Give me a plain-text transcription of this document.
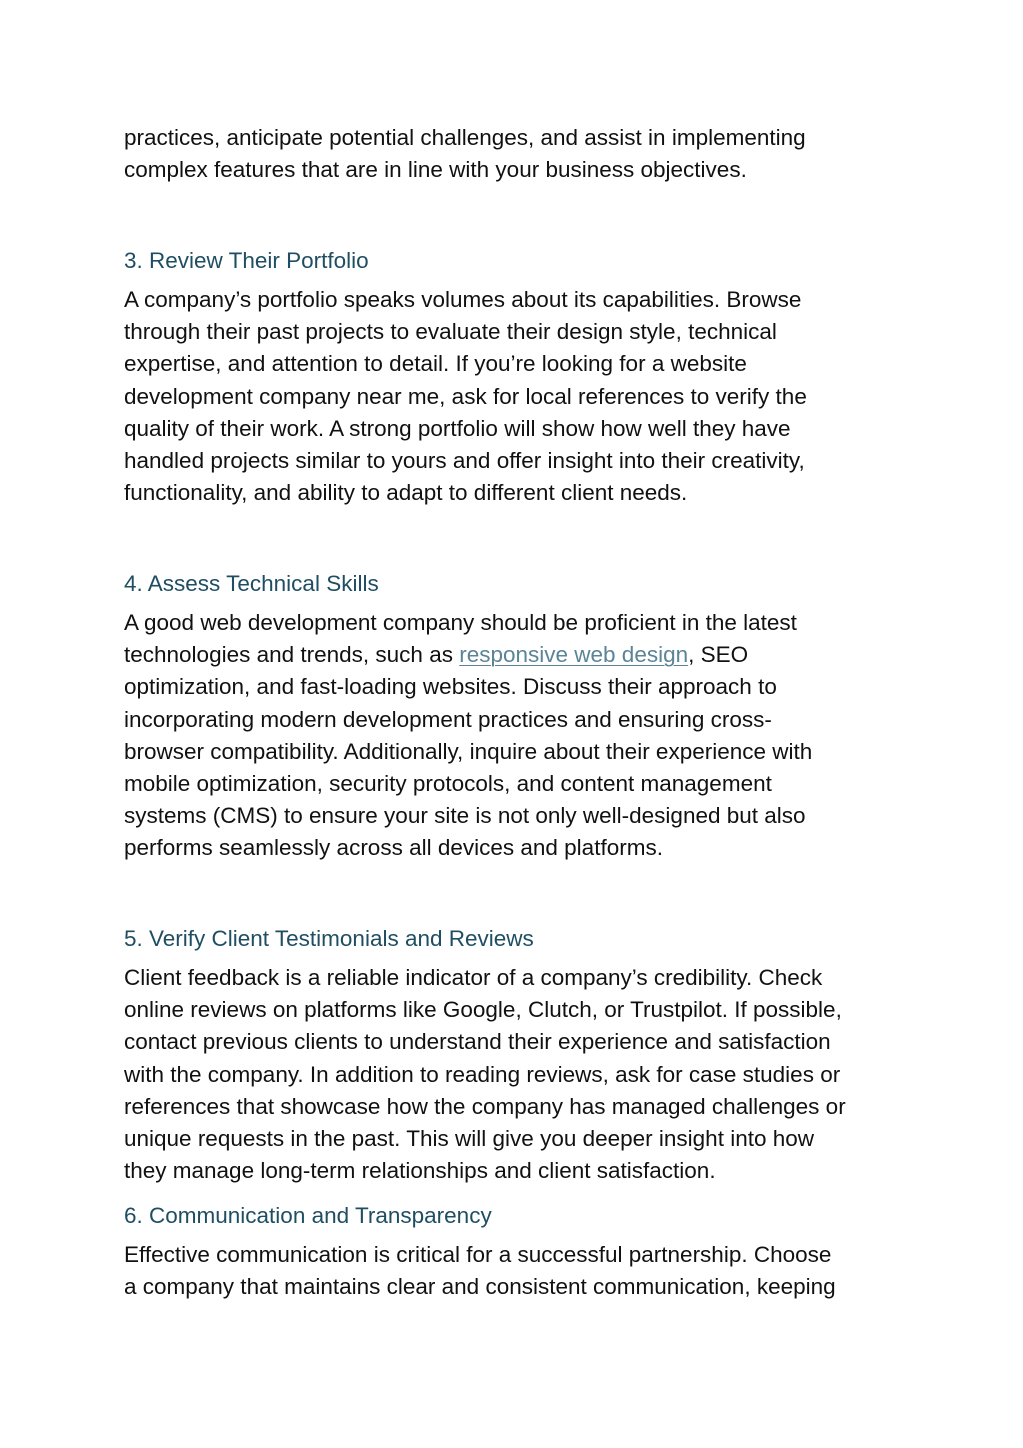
practices, anticipate potential challenges, and assist in implementing

complex features that are in line with your business objectives.

3. Review Their Portfolio

A company’s portfolio speaks volumes about its capabilities. Browse

through their past projects to evaluate their design style, technical

expertise, and attention to detail. If you’re looking for a website

development company near me, ask for local references to verify the

quality of their work. A strong portfolio will show how well they have

handled projects similar to yours and offer insight into their creativity,

functionality, and ability to adapt to different client needs.

4. Assess Technical Skills

A good web development company should be proficient in the latest

technologies and trends, such as responsive web design, SEO

optimization, and fast-loading websites. Discuss their approach to

incorporating modern development practices and ensuring cross-

browser compatibility. Additionally, inquire about their experience with

mobile optimization, security protocols, and content management

systems (CMS) to ensure your site is not only well-designed but also

performs seamlessly across all devices and platforms.

5. Verify Client Testimonials and Reviews

Client feedback is a reliable indicator of a company’s credibility. Check

online reviews on platforms like Google, Clutch, or Trustpilot. If possible,

contact previous clients to understand their experience and satisfaction

with the company. In addition to reading reviews, ask for case studies or

references that showcase how the company has managed challenges or

unique requests in the past. This will give you deeper insight into how

they manage long-term relationships and client satisfaction.

6. Communication and Transparency

Effective communication is critical for a successful partnership. Choose

a company that maintains clear and consistent communication, keeping
